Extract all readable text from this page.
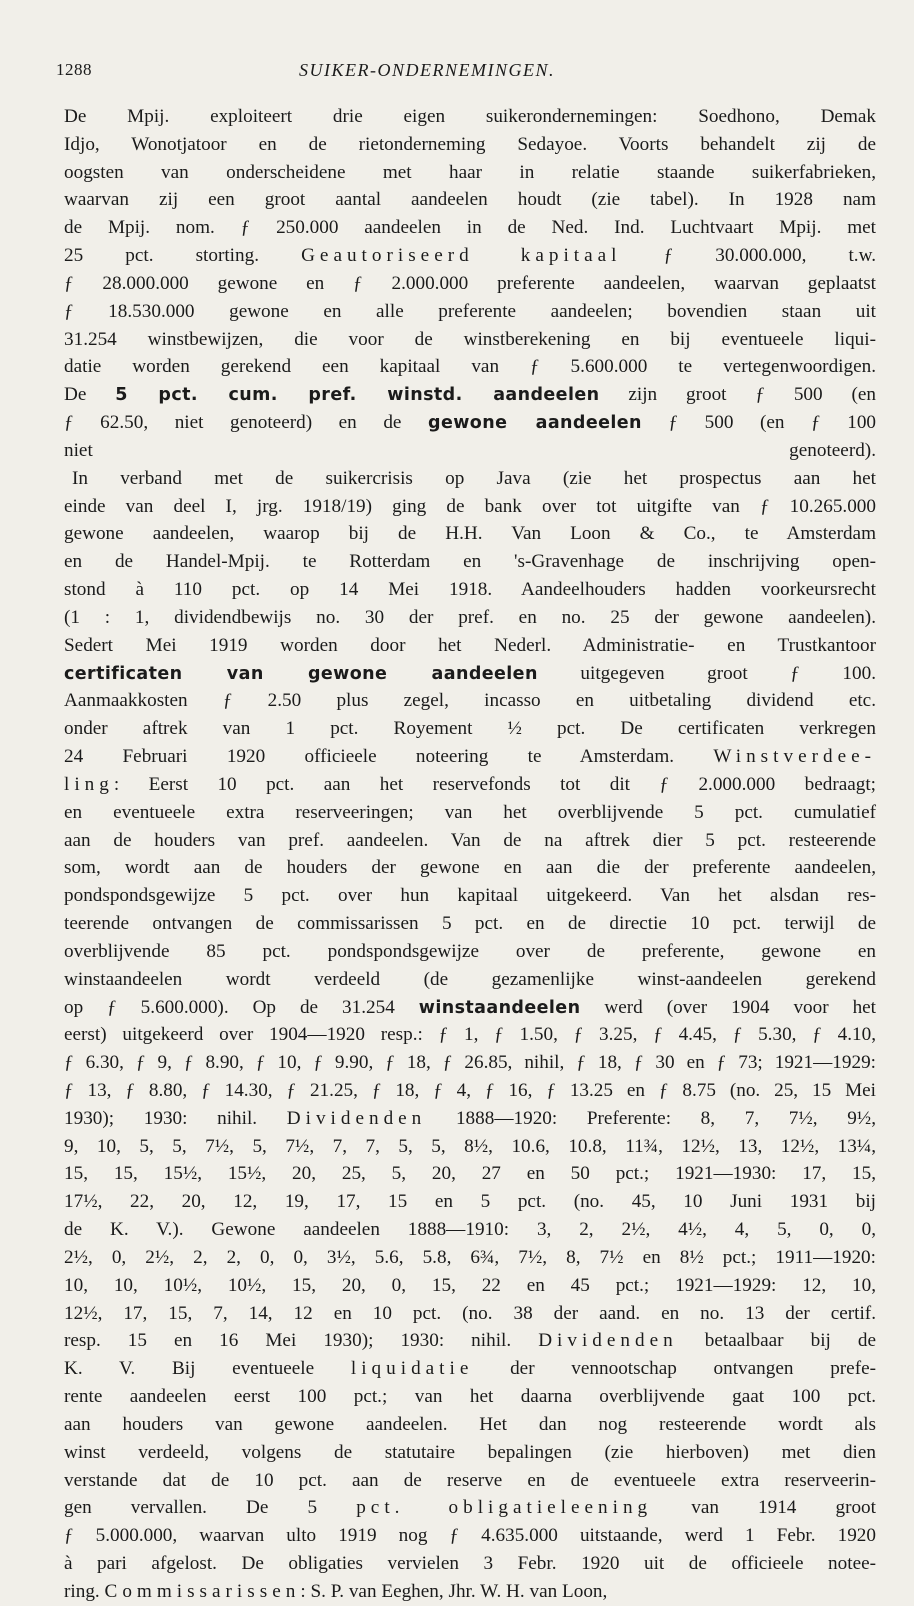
1288	SUIKER-ONDERNEMINGEN.
De Mpij. exploiteert drie eigen suikerondernemingen: Soedhono, Demak
Idjo, Wonotjatoor en de rietonderneming Sedayoe. Voorts behandelt zij de
oogsten van onderscheidene met haar in relatie staande suikerfabrieken,
waarvan zij een groot aantal aandeelen houdt (zie tabel). In 1928 nam
de Mpij. nom. ƒ 250.000 aandeelen in de Ned. Ind. Luchtvaart Mpij. met
25 pct. storting. Geautoriseerd kapitaal ƒ 30.000.000, t.w.
ƒ 28.000.000 gewone en ƒ 2.000.000 preferente aandeelen, waarvan geplaatst
ƒ 18.530.000 gewone en alle preferente aandeelen; bovendien staan uit
31.254 winstbewijzen, die voor de winstberekening en bij eventueele liqui-
datie worden gerekend een kapitaal van ƒ 5.600.000 te vertegenwoordigen.
De 5 pct. cum. pref. winstd. aandeelen zijn groot ƒ 500 (en
ƒ 62.50, niet genoteerd) en de gewone aandeelen ƒ 500 (en ƒ 100
niet genoteerd).
In verband met de suikercrisis op Java (zie het prospectus aan het
einde van deel I, jrg. 1918/19) ging de bank over tot uitgifte van ƒ 10.265.000
gewone aandeelen, waarop bij de H.H. Van Loon & Co., te Amsterdam
en de Handel-Mpij. te Rotterdam en 's-Gravenhage de inschrijving open-
stond à 110 pct. op 14 Mei 1918. Aandeelhouders hadden voorkeursrecht
(1 : 1, dividendbewijs no. 30 der pref. en no. 25 der gewone aandeelen).
Sedert Mei 1919 worden door het Nederl. Administratie- en Trustkantoor
certificaten van gewone aandeelen uitgegeven groot ƒ 100.
Aanmaakkosten ƒ 2.50 plus zegel, incasso en uitbetaling dividend etc.
onder aftrek van 1 pct. Royement ½ pct. De certificaten verkregen
24 Februari 1920 officieele noteering te Amsterdam. Winstverdee-
ling: Eerst 10 pct. aan het reservefonds tot dit ƒ 2.000.000 bedraagt;
en eventueele extra reserveeringen; van het overblijvende 5 pct. cumulatief
aan de houders van pref. aandeelen. Van de na aftrek dier 5 pct. resteerende
som, wordt aan de houders der gewone en aan die der preferente aandeelen,
pondspondsgewijze 5 pct. over hun kapitaal uitgekeerd. Van het alsdan res-
teerende ontvangen de commissarissen 5 pct. en de directie 10 pct. terwijl de
overblijvende 85 pct. pondspondsgewijze over de preferente, gewone en
winstaandeelen wordt verdeeld (de gezamenlijke winst-aandeelen gerekend
op ƒ 5.600.000). Op de 31.254 winstaandeelen werd (over 1904 voor het
eerst) uitgekeerd over 1904—1920 resp.: ƒ 1, ƒ 1.50, ƒ 3.25, ƒ 4.45, ƒ 5.30, ƒ 4.10,
ƒ 6.30, ƒ 9, ƒ 8.90, ƒ 10, ƒ 9.90, ƒ 18, ƒ 26.85, nihil, ƒ 18, ƒ 30 en ƒ 73; 1921—1929:
ƒ 13, ƒ 8.80, ƒ 14.30, ƒ 21.25, ƒ 18, ƒ 4, ƒ 16, ƒ 13.25 en ƒ 8.75 (no. 25, 15 Mei
1930); 1930: nihil. Dividenden 1888—1920: Preferente: 8, 7, 7½, 9½,
9, 10, 5, 5, 7½, 5, 7½, 7, 7, 5, 5, 8½, 10.6, 10.8, 11¾, 12½, 13, 12½, 13¼,
15, 15, 15½, 15½, 20, 25, 5, 20, 27 en 50 pct.; 1921—1930: 17, 15,
17½, 22, 20, 12, 19, 17, 15 en 5 pct. (no. 45, 10 Juni 1931 bij
de K. V.). Gewone aandeelen 1888—1910: 3, 2, 2½, 4½, 4, 5, 0, 0,
2½, 0, 2½, 2, 2, 0, 0, 3½, 5.6, 5.8, 6¾, 7½, 8, 7½ en 8½ pct.; 1911—1920:
10, 10, 10½, 10½, 15, 20, 0, 15, 22 en 45 pct.; 1921—1929: 12, 10,
12½, 17, 15, 7, 14, 12 en 10 pct. (no. 38 der aand. en no. 13 der certif.
resp. 15 en 16 Mei 1930); 1930: nihil. Dividenden betaalbaar bij de
K. V. Bij eventueele liquidatie der vennootschap ontvangen prefe-
rente aandeelen eerst 100 pct.; van het daarna overblijvende gaat 100 pct.
aan houders van gewone aandeelen. Het dan nog resteerende wordt als
winst verdeeld, volgens de statutaire bepalingen (zie hierboven) met dien
verstande dat de 10 pct. aan de reserve en de eventueele extra reserveerin-
gen vervallen. De 5 pct. obligatieleening van 1914 groot
ƒ 5.000.000, waarvan ulto 1919 nog ƒ 4.635.000 uitstaande, werd 1 Febr. 1920
à pari afgelost. De obligaties vervielen 3 Febr. 1920 uit de officieele notee-
ring. Commissarissen: S. P. van Eeghen, Jhr. W. H. van Loon,
